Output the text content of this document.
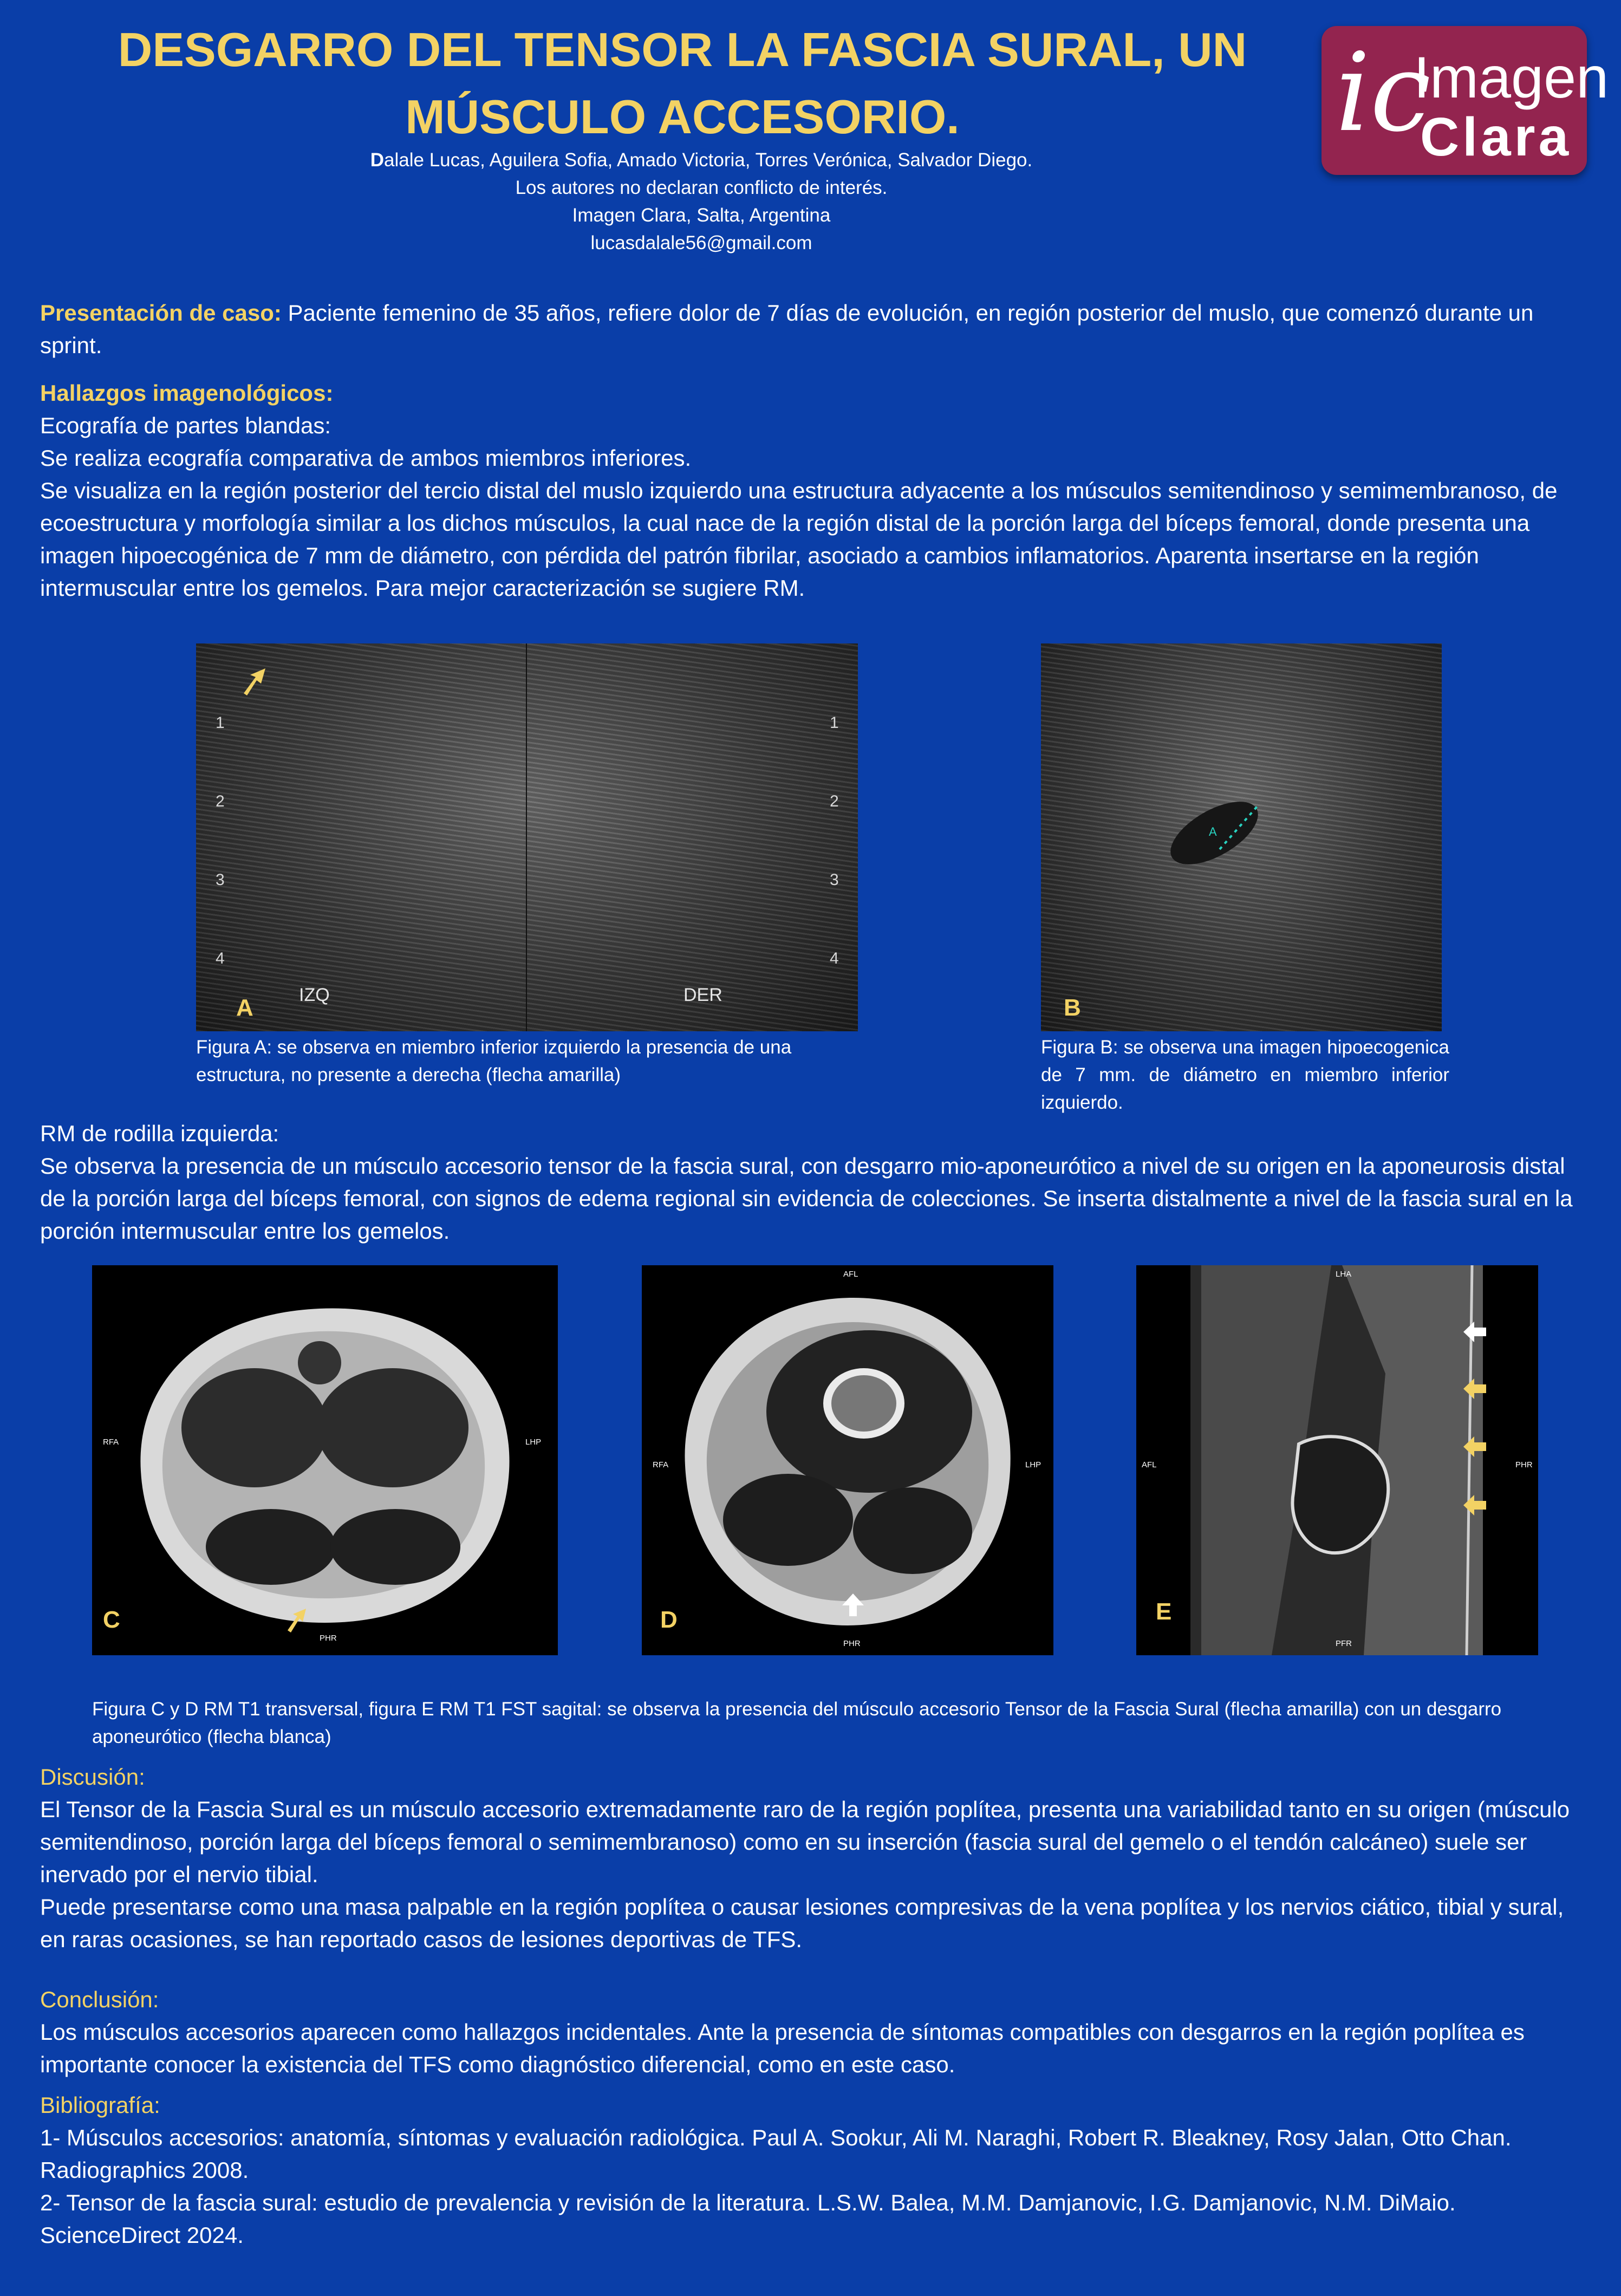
DESGARRO DEL TENSOR LA FASCIA SURAL, UN MÚSCULO ACCESORIO.
Dalale Lucas, Aguilera Sofia, Amado Victoria, Torres Verónica, Salvador Diego.
Los autores no declaran conflicto de interés.
Imagen Clara, Salta, Argentina
lucasdalale56@gmail.com
ic
Imagen
Clara
Presentación de caso: Paciente femenino de 35 años, refiere dolor de 7 días de evolución, en región posterior del muslo, que comenzó durante un sprint.
Hallazgos imagenológicos:
Ecografía de partes blandas:
Se realiza ecografía comparativa de ambos miembros inferiores.
Se visualiza en la región posterior del tercio distal del muslo izquierdo una estructura adyacente a los músculos semitendinoso y semimembranoso, de ecoestructura y morfología similar a los dichos músculos, la cual nace de la región distal de la porción larga del bíceps femoral, donde presenta una imagen hipoecogénica de 7 mm de diámetro, con pérdida del patrón fibrilar, asociado a cambios inflamatorios. Aparenta insertarse en la región intermuscular entre los gemelos. Para mejor caracterización se sugiere RM.
1
2
3
4
1
2
3
4
IZQ	DER
A
Figura A: se observa en miembro inferior izquierdo la presencia de una estructura, no presente a derecha (flecha amarilla)
A
B
Figura B: se observa una imagen hipoecogenica de 7 mm. de diámetro en miembro inferior izquierdo.
RM de rodilla izquierda:
Se observa la presencia de un músculo accesorio tensor de la fascia sural, con desgarro mio-aponeurótico a nivel de su origen en la aponeurosis distal de la porción larga del bíceps femoral, con signos de edema regional sin evidencia de colecciones. Se inserta distalmente a nivel de la fascia sural en la porción intermuscular entre los gemelos.
RFA	LHP
PHR
C
AFL
RFA	LHP
PHR
D
LHA
AFL	PHR
PFR
E
Figura C y D RM T1 transversal, figura E RM T1 FST sagital: se observa la presencia del músculo accesorio Tensor de la Fascia Sural (flecha amarilla) con un desgarro aponeurótico (flecha blanca)
Discusión:
El Tensor de la Fascia Sural es un músculo accesorio extremadamente raro de la región poplítea, presenta una variabilidad tanto en su origen (músculo semitendinoso, porción larga del bíceps femoral o semimembranoso) como en su inserción (fascia sural del gemelo o el tendón calcáneo) suele ser inervado por el nervio tibial.
Puede presentarse como una masa palpable en la región poplítea o causar lesiones compresivas de la vena poplítea y los nervios ciático, tibial y sural, en raras ocasiones, se han reportado casos de lesiones deportivas de TFS.
Conclusión:
Los músculos accesorios aparecen como hallazgos incidentales. Ante la presencia de síntomas compatibles con desgarros en la región poplítea es importante conocer la existencia del TFS como diagnóstico diferencial, como en este caso.
Bibliografía:
1- Músculos accesorios: anatomía, síntomas y evaluación radiológica. Paul A. Sookur, Ali M. Naraghi, Robert R. Bleakney, Rosy Jalan, Otto Chan.
Radiographics 2008.
2- Tensor de la fascia sural: estudio de prevalencia y revisión de la literatura. L.S.W. Balea, M.M. Damjanovic, I.G. Damjanovic, N.M. DiMaio.
ScienceDirect 2024.
